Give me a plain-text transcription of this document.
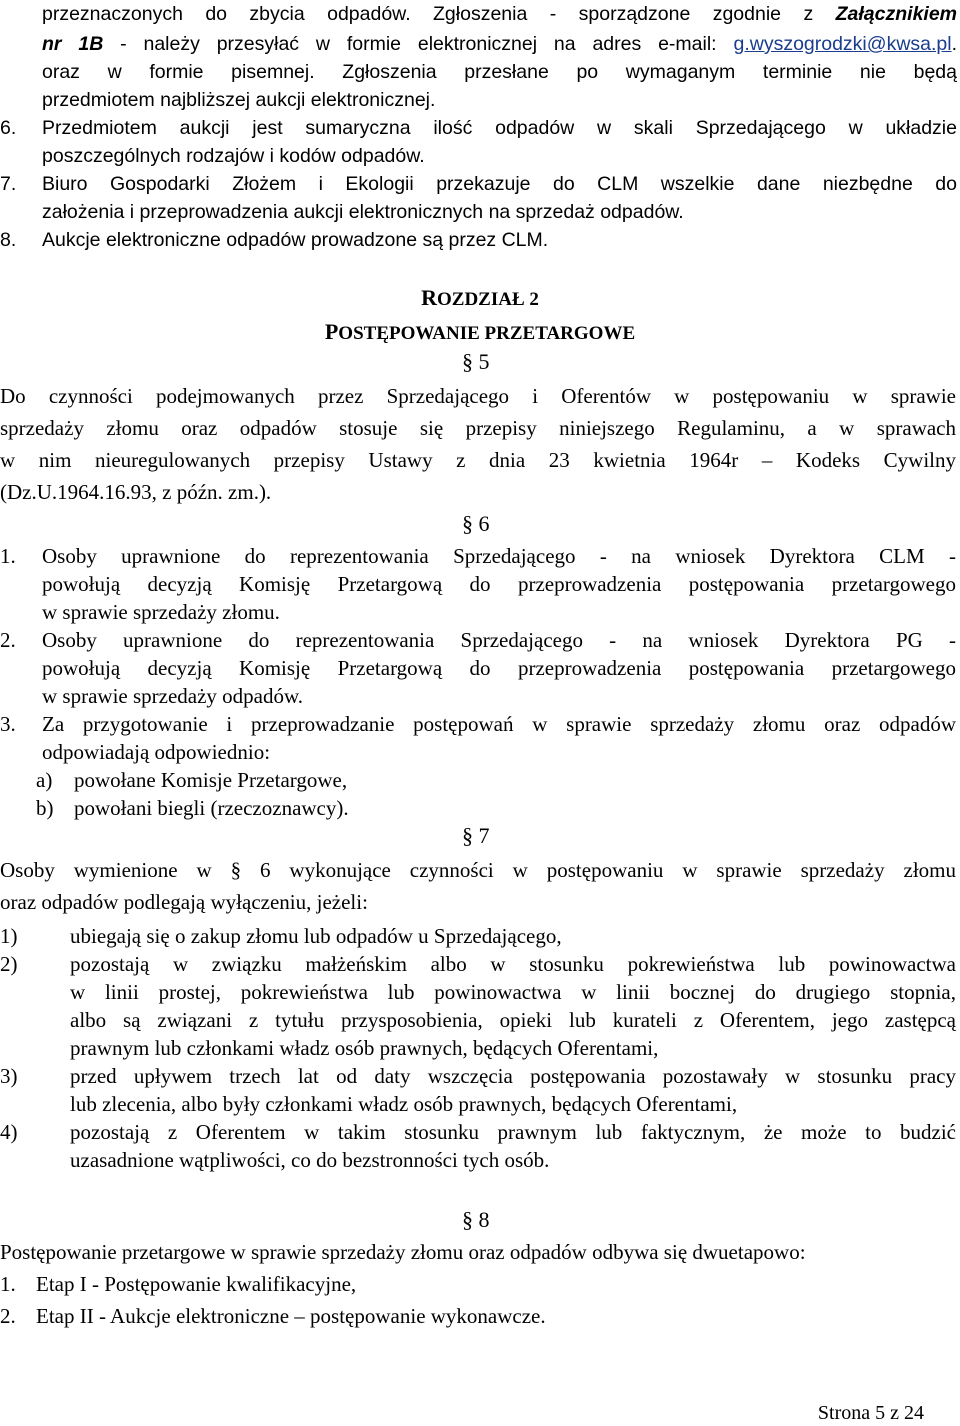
przeznaczonych do zbycia odpadów. Zgłoszenia - sporządzone zgodnie z Załącznikiem
nr 1B - należy przesyłać w formie elektronicznej na adres e-mail: g.wyszogrodzki@kwsa.pl.
oraz w formie pisemnej. Zgłoszenia przesłane po wymaganym terminie nie będą
przedmiotem najbliższej aukcji elektronicznej.
6. Przedmiotem aukcji jest sumaryczna ilość odpadów w skali Sprzedającego w układzie
poszczególnych rodzajów i kodów odpadów.
7. Biuro Gospodarki Złożem i Ekologii przekazuje do CLM wszelkie dane niezbędne do
założenia i przeprowadzenia aukcji elektronicznych na sprzedaż odpadów.
8. Aukcje elektroniczne odpadów prowadzone są przez CLM.
ROZDZIAŁ 2
POSTĘPOWANIE PRZETARGOWE
§ 5
Do czynności podejmowanych przez Sprzedającego i Oferentów w postępowaniu w sprawie
sprzedaży złomu oraz odpadów stosuje się przepisy niniejszego Regulaminu, a w sprawach
w nim nieuregulowanych przepisy Ustawy z dnia 23 kwietnia 1964r – Kodeks Cywilny
(Dz.U.1964.16.93, z późn. zm.).
§ 6
1. Osoby uprawnione do reprezentowania Sprzedającego - na wniosek Dyrektora CLM -
powołują decyzją Komisję Przetargową do przeprowadzenia postępowania przetargowego
w sprawie sprzedaży złomu.
2. Osoby uprawnione do reprezentowania Sprzedającego - na wniosek Dyrektora PG -
powołują decyzją Komisję Przetargową do przeprowadzenia postępowania przetargowego
w sprawie sprzedaży odpadów.
3. Za przygotowanie i przeprowadzanie postępowań w sprawie sprzedaży złomu oraz odpadów
odpowiadają odpowiednio:
a) powołane Komisje Przetargowe,
b) powołani biegli (rzeczoznawcy).
§ 7
Osoby wymienione w § 6 wykonujące czynności w postępowaniu w sprawie sprzedaży złomu
oraz odpadów podlegają wyłączeniu, jeżeli:
1)	ubiegają się o zakup złomu lub odpadów u Sprzedającego,
2)	pozostają w związku małżeńskim albo w stosunku pokrewieństwa lub powinowactwa
w linii prostej, pokrewieństwa lub powinowactwa w linii bocznej do drugiego stopnia,
albo są związani z tytułu przysposobienia, opieki lub kurateli z Oferentem, jego zastępcą
prawnym lub członkami władz osób prawnych, będących Oferentami,
3)	przed upływem trzech lat od daty wszczęcia postępowania pozostawały w stosunku pracy
lub zlecenia, albo były członkami władz osób prawnych, będących Oferentami,
4)	pozostają z Oferentem w takim stosunku prawnym lub faktycznym, że może to budzić
uzasadnione wątpliwości, co do bezstronności tych osób.
§ 8
Postępowanie przetargowe w sprawie sprzedaży złomu oraz odpadów odbywa się dwuetapowo:
1. Etap I - Postępowanie kwalifikacyjne,
2. Etap II - Aukcje elektroniczne – postępowanie wykonawcze.
Strona 5 z 24
